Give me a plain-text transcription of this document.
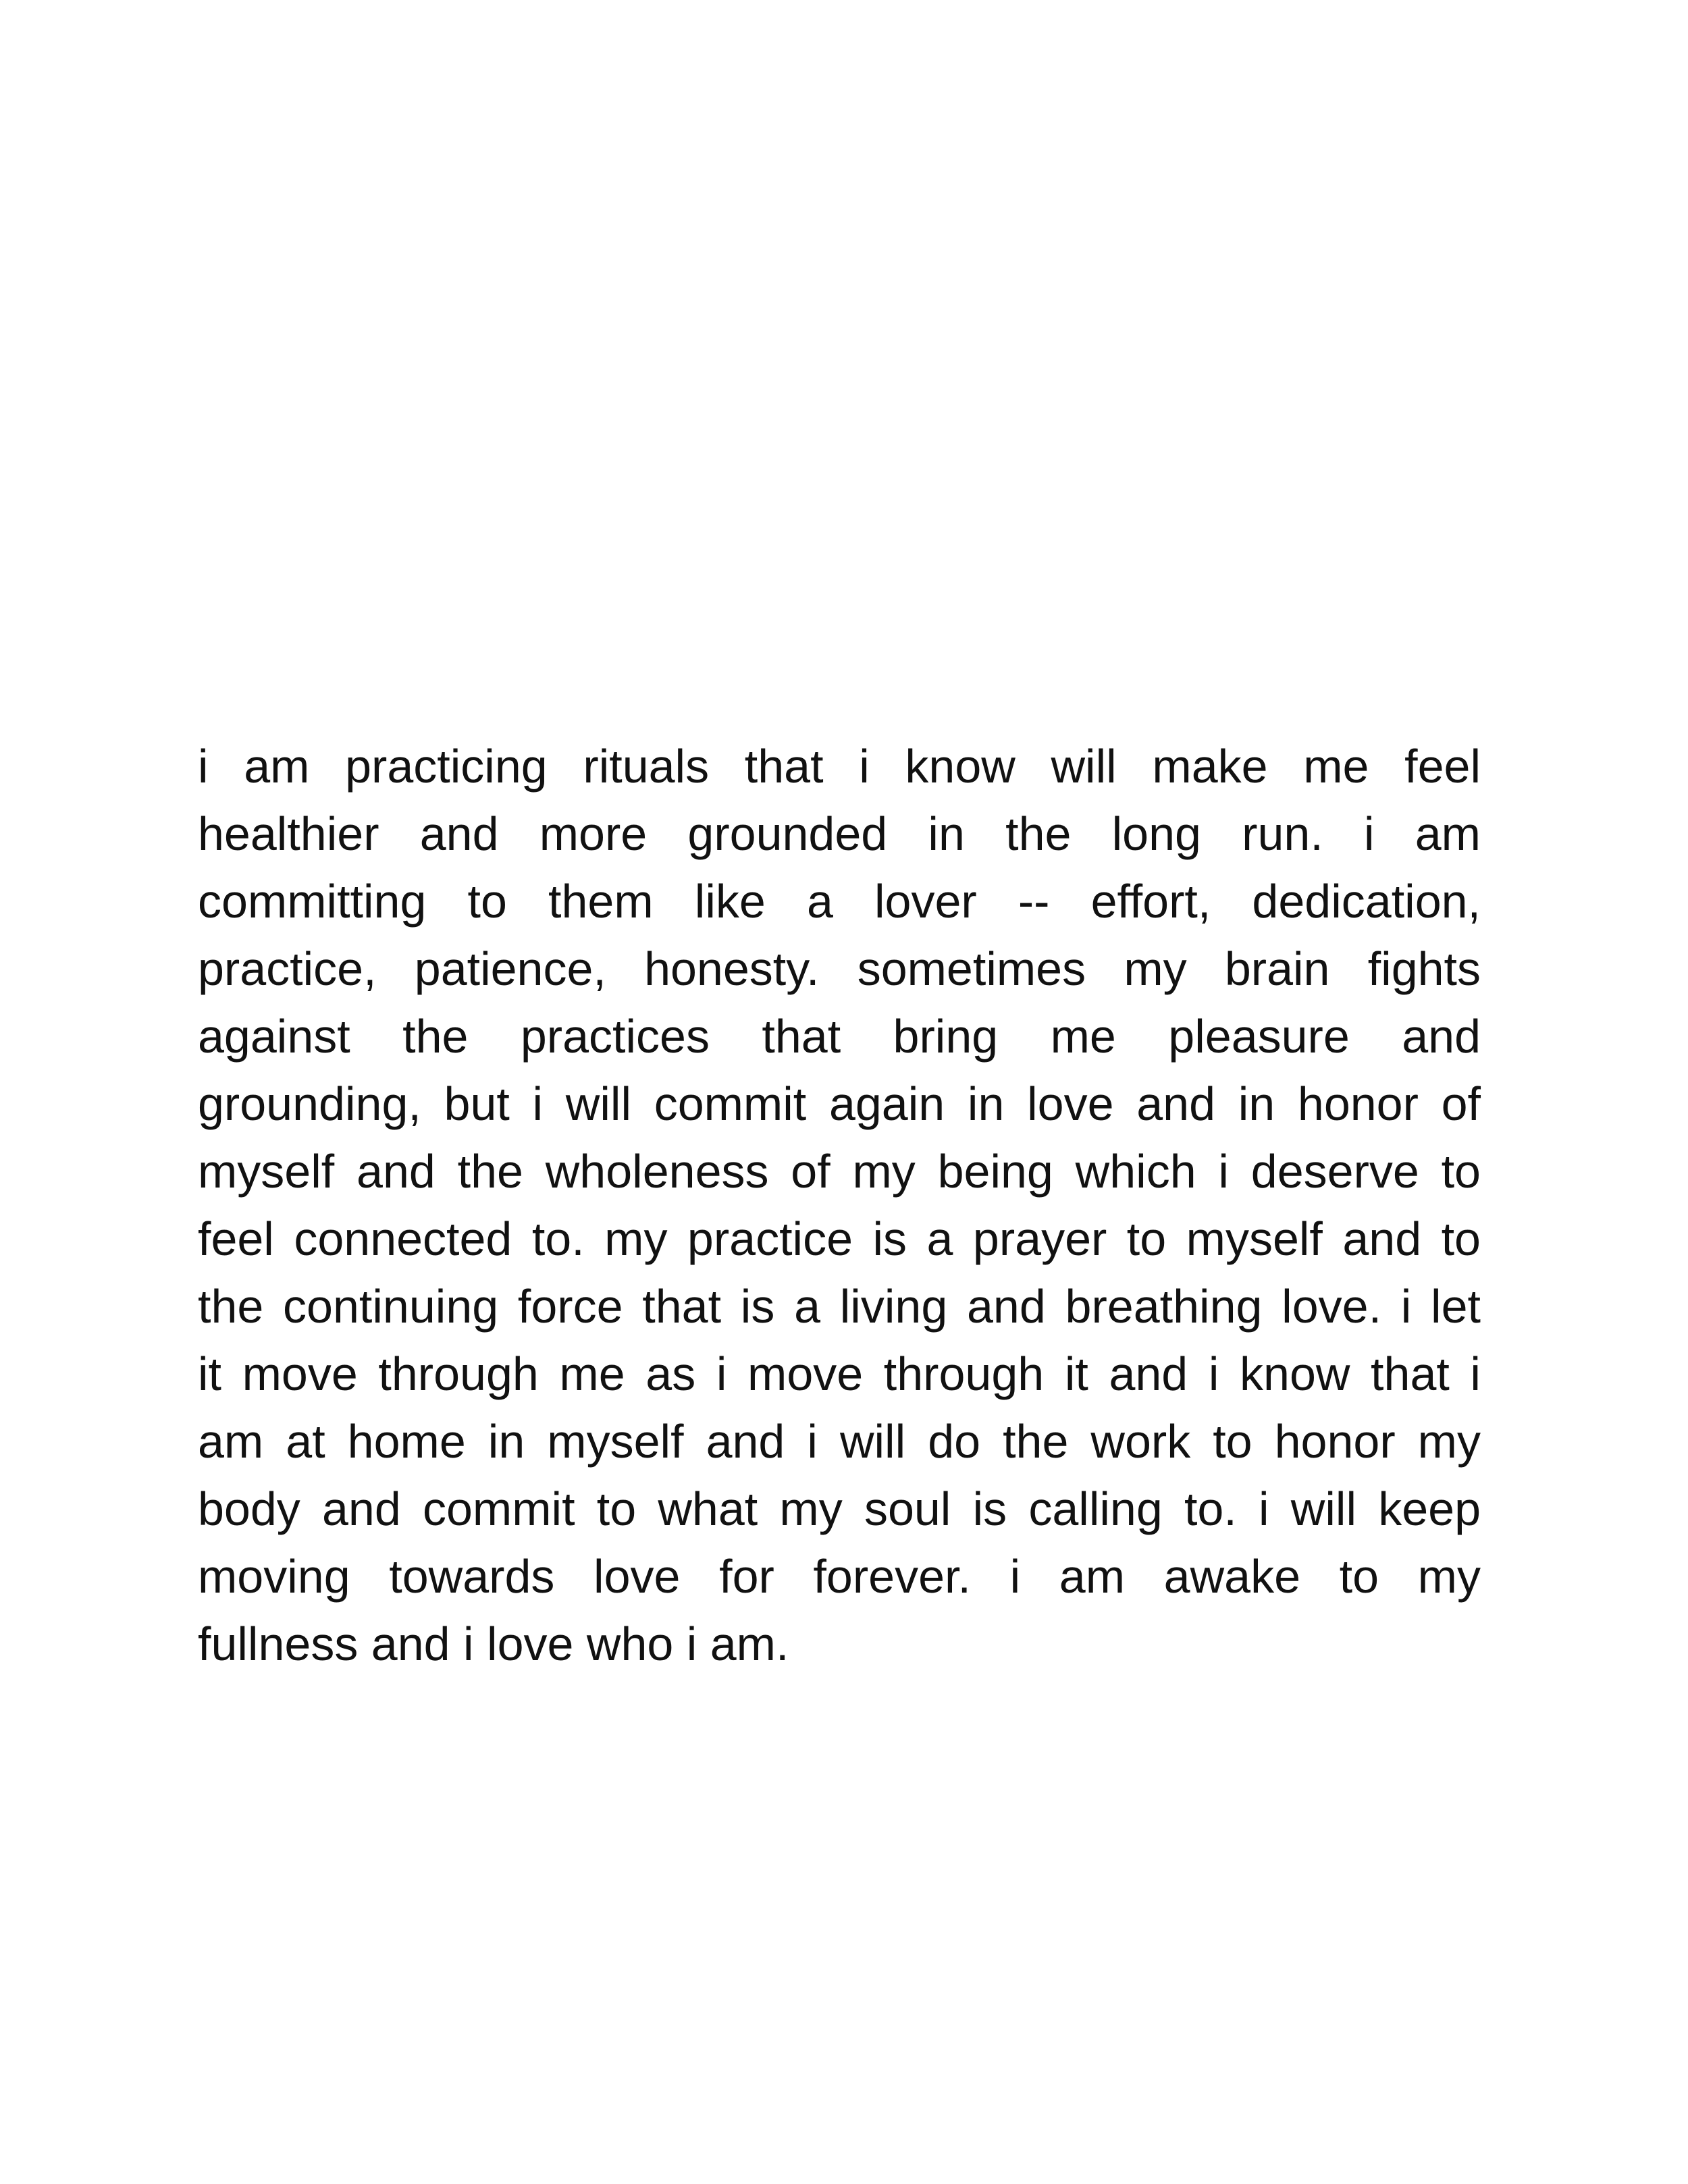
i am practicing rituals that i know will make me feel
healthier and more grounded in the long run. i am
committing to them like a lover -- effort, dedication,
practice, patience, honesty. sometimes my brain fights
against the practices that bring me pleasure and
grounding, but i will commit again in love and in honor of
myself and the wholeness of my being which i deserve to
feel connected to. my practice is a prayer to myself and to
the continuing force that is a living and breathing love. i let
it move through me as i move through it and i know that i
am at home in myself and i will do the work to honor my
body and commit to what my soul is calling to. i will keep
moving towards love for forever. i am awake to my
fullness and i love who i am.
